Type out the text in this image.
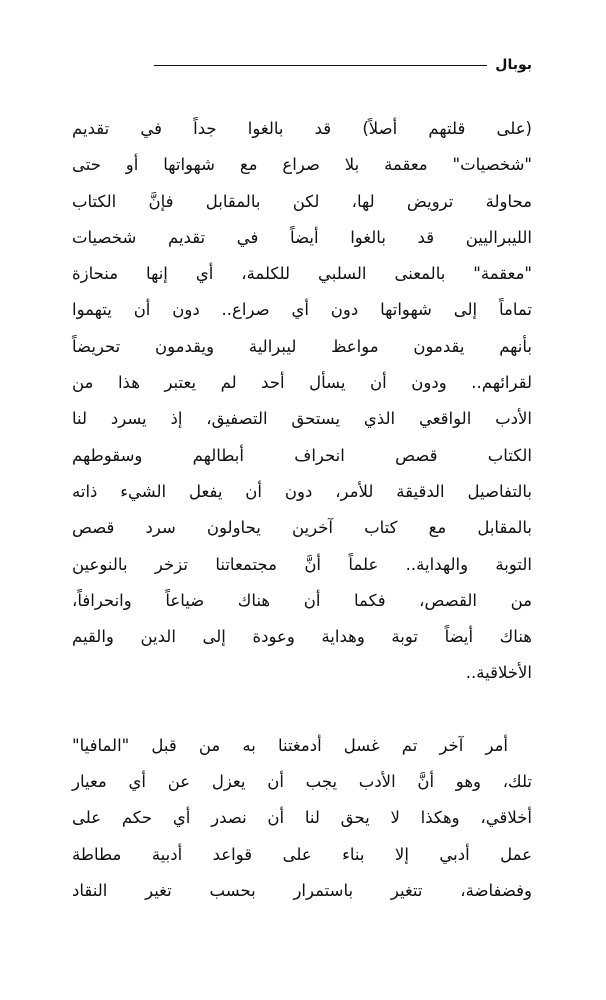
بوبال
(على قلتهم أصلاً) قد بالغوا جداً في تقديم
"شخصيات" معقمة بلا صراع مع شهواتها أو حتى
محاولة ترويض لها، لكن بالمقابل فإنَّ الكتاب
الليبراليين قد بالغوا أيضاً في تقديم شخصيات
"معقمة" بالمعنى السلبي للكلمة، أي إنها منحازة
تماماً إلى شهواتها دون أي صراع.. دون أن يتهموا
بأنهم يقدمون مواعظ ليبرالية ويقدمون تحريضاً
لقرائهم.. ودون أن يسأل أحد لم يعتبر هذا من
الأدب الواقعي الذي يستحق التصفيق، إذ يسرد لنا
الكتاب قصص انحراف أبطالهم وسقوطهم
بالتفاصيل الدقيقة للأمر، دون أن يفعل الشيء ذاته
بالمقابل مع كتاب آخرين يحاولون سرد قصص
التوبة والهداية.. علماً أنَّ مجتمعاتنا تزخر بالنوعين
من القصص، فكما أن هناك ضياعاً وانحرافاً،
هناك أيضاً توبة وهداية وعودة إلى الدين والقيم
الأخلاقية..
أمر آخر تم غسل أدمغتنا به من قبل "المافيا"
تلك، وهو أنَّ الأدب يجب أن يعزل عن أي معيار
أخلاقي، وهكذا لا يحق لنا أن نصدر أي حكم على
عمل أدبي إلا بناء على قواعد أدبية مطاطة
وفضفاضة، تتغير باستمرار بحسب تغير النقاد
